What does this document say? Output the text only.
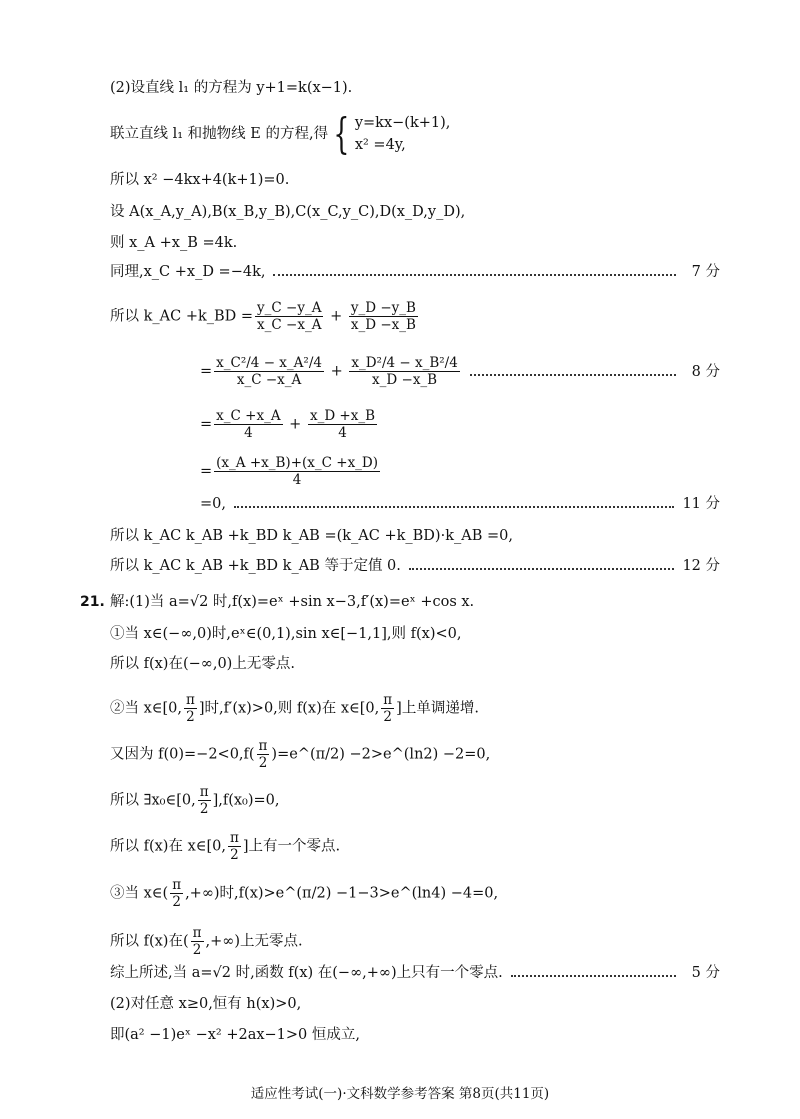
(2)设直线 l₁ 的方程为 y+1=k(x−1).
联立直线 l₁ 和抛物线 E 的方程,得 { y=kx−(k+1),
x² =4y,
所以 x² −4kx+4(k+1)=0.
设 A(x_A,y_A),B(x_B,y_B),C(x_C,y_C),D(x_D,y_D),
则 x_A +x_B =4k.
同理,x_C +x_D =−4k,	7 分
所以 k_AC +k_BD = $\frac{y\_C -y\_A}{x\_C -x\_A} + \frac{y\_D -y\_B}{x\_D -x\_B}$
= $\frac{\text{x\_C²/4 − x\_A²/4}}{x\_C -x\_A} + \frac{\text{x\_D²/4 − x\_B²/4}}{x\_D -x\_B}$	8 分
= $\frac{x\_C +x\_A}{4} + \frac{x\_D +x\_B}{4}$
= $\frac{(x\_A +x\_B)+(x\_C +x\_D)}{4}$
=0,	11 分
所以 k_AC k_AB +k_BD k_AB =(k_AC +k_BD)·k_AB =0,
所以 k_AC k_AB +k_BD k_AB 等于定值 0.	12 分
21. 解:(1)当 a=√2 时,f(x)=eˣ +sin x−3,f′(x)=eˣ +cos x.
①当 x∈(−∞,0)时,eˣ∈(0,1),sin x∈[−1,1],则 f(x)<0,
所以 f(x)在(−∞,0)上无零点.
②当 x∈[0, $\frac{\pi}{2}$ ]时,f′(x)>0,则 f(x)在 x∈[0, $\frac{\pi}{2}$ ]上单调递增.
又因为 $f(0)=-2<0,f( \frac{\pi}{2}$ )=e^(π/2) −2>e^(ln2) −2=0,
所以 ∃x₀∈[0, $\frac{\pi}{2} ],f(x_0)=0$,
所以 f(x)在 x∈[0, $\frac{\pi}{2}$ ]上有一个零点.
③当 x∈( $\frac{\pi}{2}$ ,+∞)时,f(x)>e^(π/2) −1−3>e^(ln4) −4=0,
所以 f(x)在( $\frac{\pi}{2}$ ,+∞)上无零点.
综上所述,当 a=√2 时,函数 f(x) 在(−∞,+∞)上只有一个零点.	5 分
(2)对任意 x≥0,恒有 h(x)>0,
即(a² −1)eˣ −x² +2ax−1>0 恒成立,
适应性考试(一)·文科数学参考答案 第8页(共11页)
